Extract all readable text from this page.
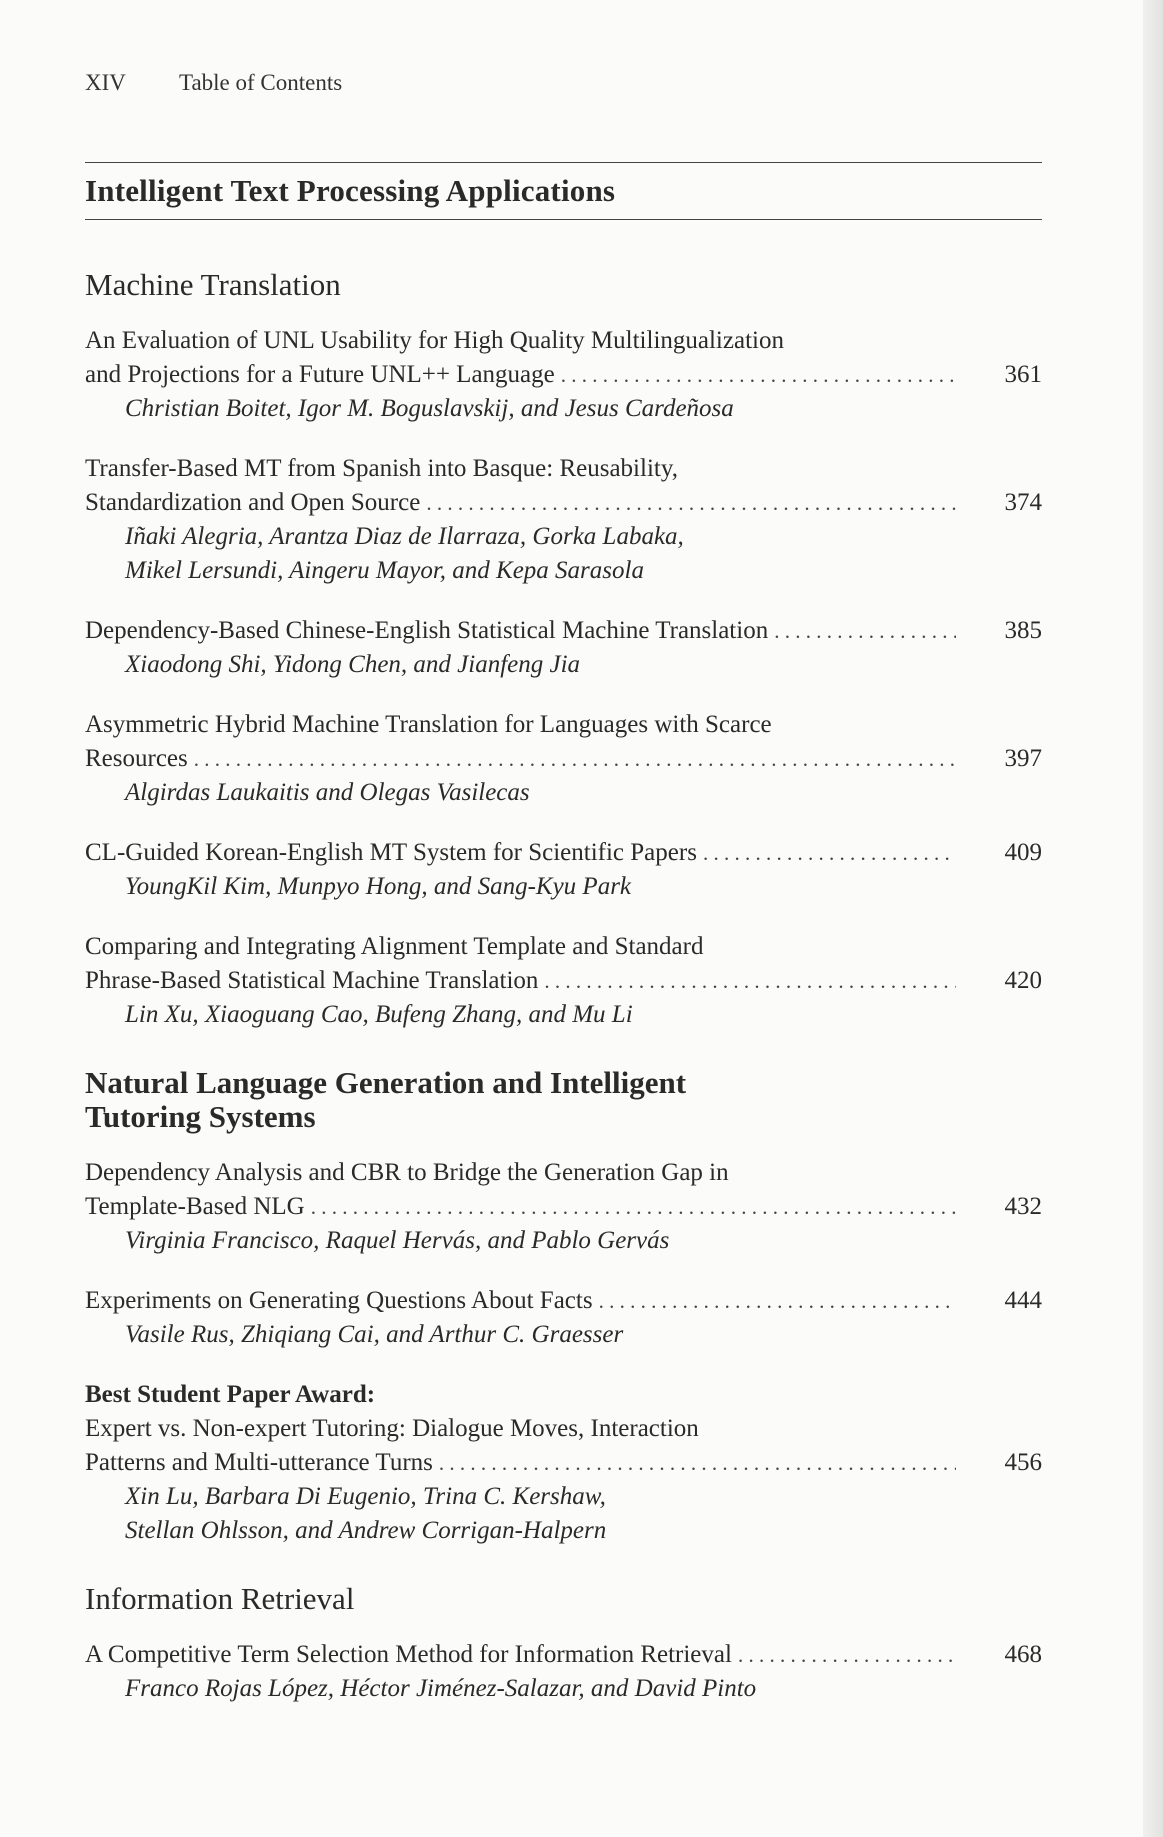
XIV Table of Contents
Intelligent Text Processing Applications
Machine Translation
An Evaluation of UNL Usability for High Quality Multilingualization
and Projections for a Future UNL++ Language . . .	361
Christian Boitet, Igor M. Boguslavskij, and Jesus Cardeñosa
Transfer-Based MT from Spanish into Basque: Reusability,
Standardization and Open Source . . .	374
Iñaki Alegria, Arantza Diaz de Ilarraza, Gorka Labaka,
Mikel Lersundi, Aingeru Mayor, and Kepa Sarasola
Dependency-Based Chinese-English Statistical Machine Translation . . .	385
Xiaodong Shi, Yidong Chen, and Jianfeng Jia
Asymmetric Hybrid Machine Translation for Languages with Scarce
Resources . . .	397
Algirdas Laukaitis and Olegas Vasilecas
CL-Guided Korean-English MT System for Scientific Papers . . .	409
YoungKil Kim, Munpyo Hong, and Sang-Kyu Park
Comparing and Integrating Alignment Template and Standard
Phrase-Based Statistical Machine Translation . . .	420
Lin Xu, Xiaoguang Cao, Bufeng Zhang, and Mu Li
Natural Language Generation and Intelligent
Tutoring Systems
Dependency Analysis and CBR to Bridge the Generation Gap in
Template-Based NLG . . .	432
Virginia Francisco, Raquel Hervás, and Pablo Gervás
Experiments on Generating Questions About Facts . . .	444
Vasile Rus, Zhiqiang Cai, and Arthur C. Graesser
Best Student Paper Award:
Expert vs. Non-expert Tutoring: Dialogue Moves, Interaction
Patterns and Multi-utterance Turns . . .	456
Xin Lu, Barbara Di Eugenio, Trina C. Kershaw,
Stellan Ohlsson, and Andrew Corrigan-Halpern
Information Retrieval
A Competitive Term Selection Method for Information Retrieval . . .	468
Franco Rojas López, Héctor Jiménez-Salazar, and David Pinto
